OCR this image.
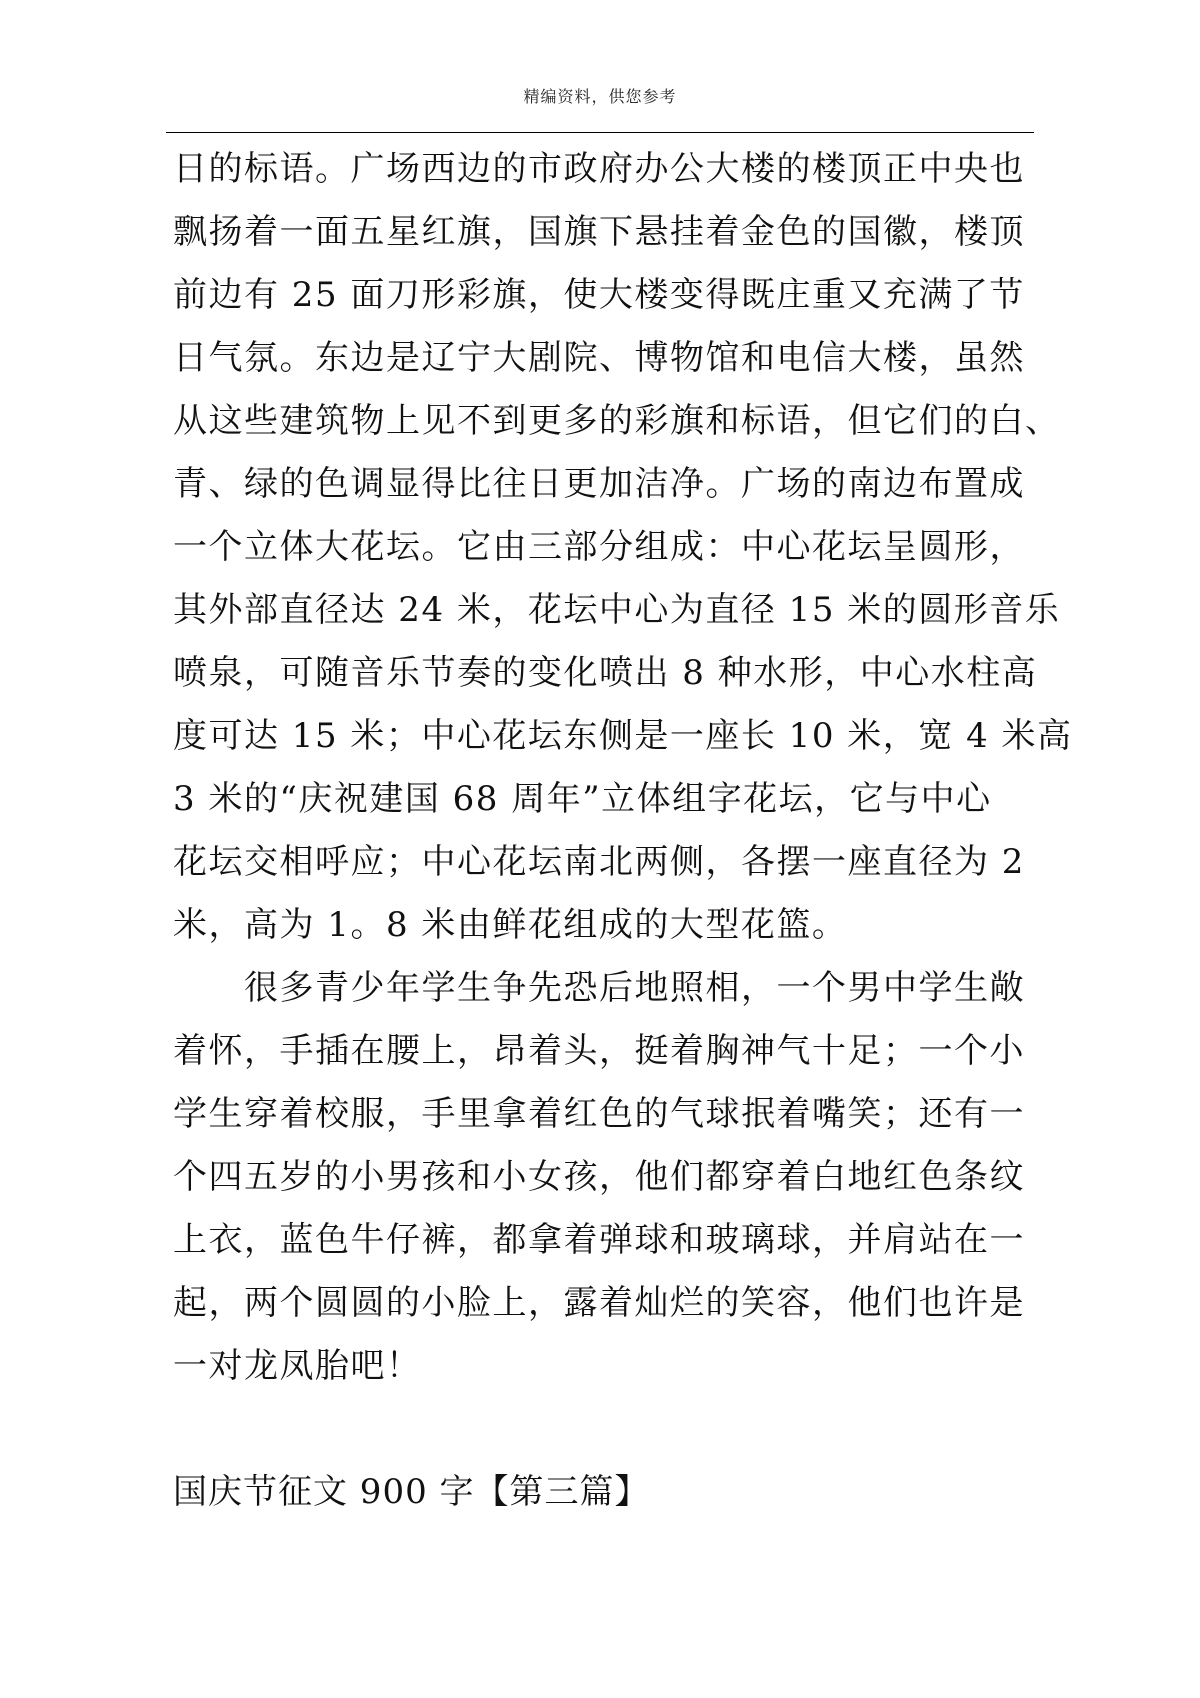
精编资料，供您参考
日的标语。广场西边的市政府办公大楼的楼顶正中央也
飘扬着一面五星红旗，国旗下悬挂着金色的国徽，楼顶
前边有 25 面刀形彩旗，使大楼变得既庄重又充满了节
日气氛。东边是辽宁大剧院、博物馆和电信大楼，虽然
从这些建筑物上见不到更多的彩旗和标语，但它们的白、
青、绿的色调显得比往日更加洁净。广场的南边布置成
一个立体大花坛。它由三部分组成：中心花坛呈圆形，
其外部直径达 24 米，花坛中心为直径 15 米的圆形音乐
喷泉，可随音乐节奏的变化喷出 8 种水形，中心水柱高
度可达 15 米；中心花坛东侧是一座长 10 米，宽 4 米高
3 米的“庆祝建国 68 周年”立体组字花坛，它与中心
花坛交相呼应；中心花坛南北两侧，各摆一座直径为 2
米，高为 1。8 米由鲜花组成的大型花篮。
　　很多青少年学生争先恐后地照相，一个男中学生敞
着怀，手插在腰上，昂着头，挺着胸神气十足；一个小
学生穿着校服，手里拿着红色的气球抿着嘴笑；还有一
个四五岁的小男孩和小女孩，他们都穿着白地红色条纹
上衣，蓝色牛仔裤，都拿着弹球和玻璃球，并肩站在一
起，两个圆圆的小脸上，露着灿烂的笑容，他们也许是
一对龙凤胎吧！
国庆节征文 900 字【第三篇】
